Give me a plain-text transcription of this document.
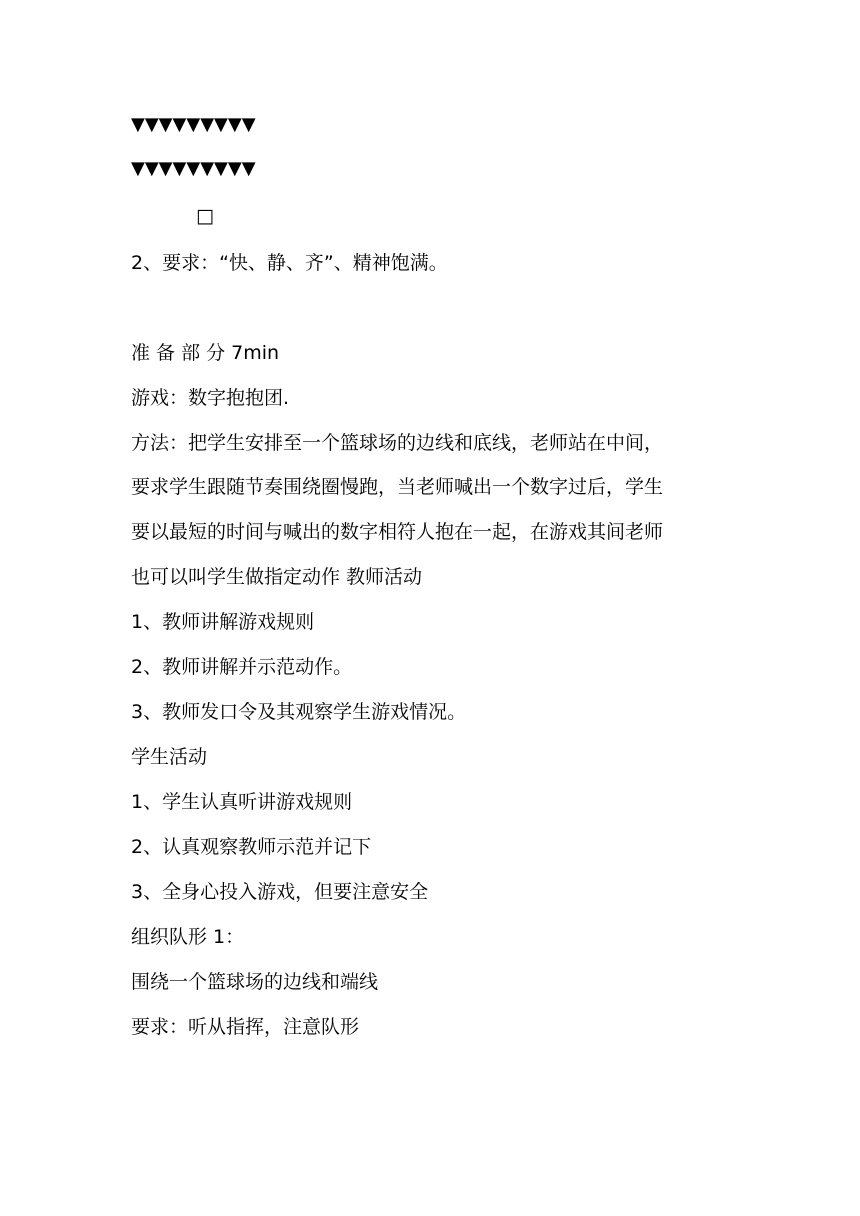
▼▼▼▼▼▼▼▼▼
▼▼▼▼▼▼▼▼▼
□
2、要求：“快、静、齐”、精神饱满。
准 备 部 分 7min
游戏：数字抱抱团.
方法：把学生安排至一个篮球场的边线和底线，老师站在中间，
要求学生跟随节奏围绕圈慢跑，当老师喊出一个数字过后，学生
要以最短的时间与喊出的数字相符人抱在一起，在游戏其间老师
也可以叫学生做指定动作 教师活动
1、教师讲解游戏规则
2、教师讲解并示范动作。
3、教师发口令及其观察学生游戏情况。
学生活动
1、学生认真听讲游戏规则
2、认真观察教师示范并记下
3、全身心投入游戏，但要注意安全
组织队形 1：
围绕一个篮球场的边线和端线
要求：听从指挥，注意队形
